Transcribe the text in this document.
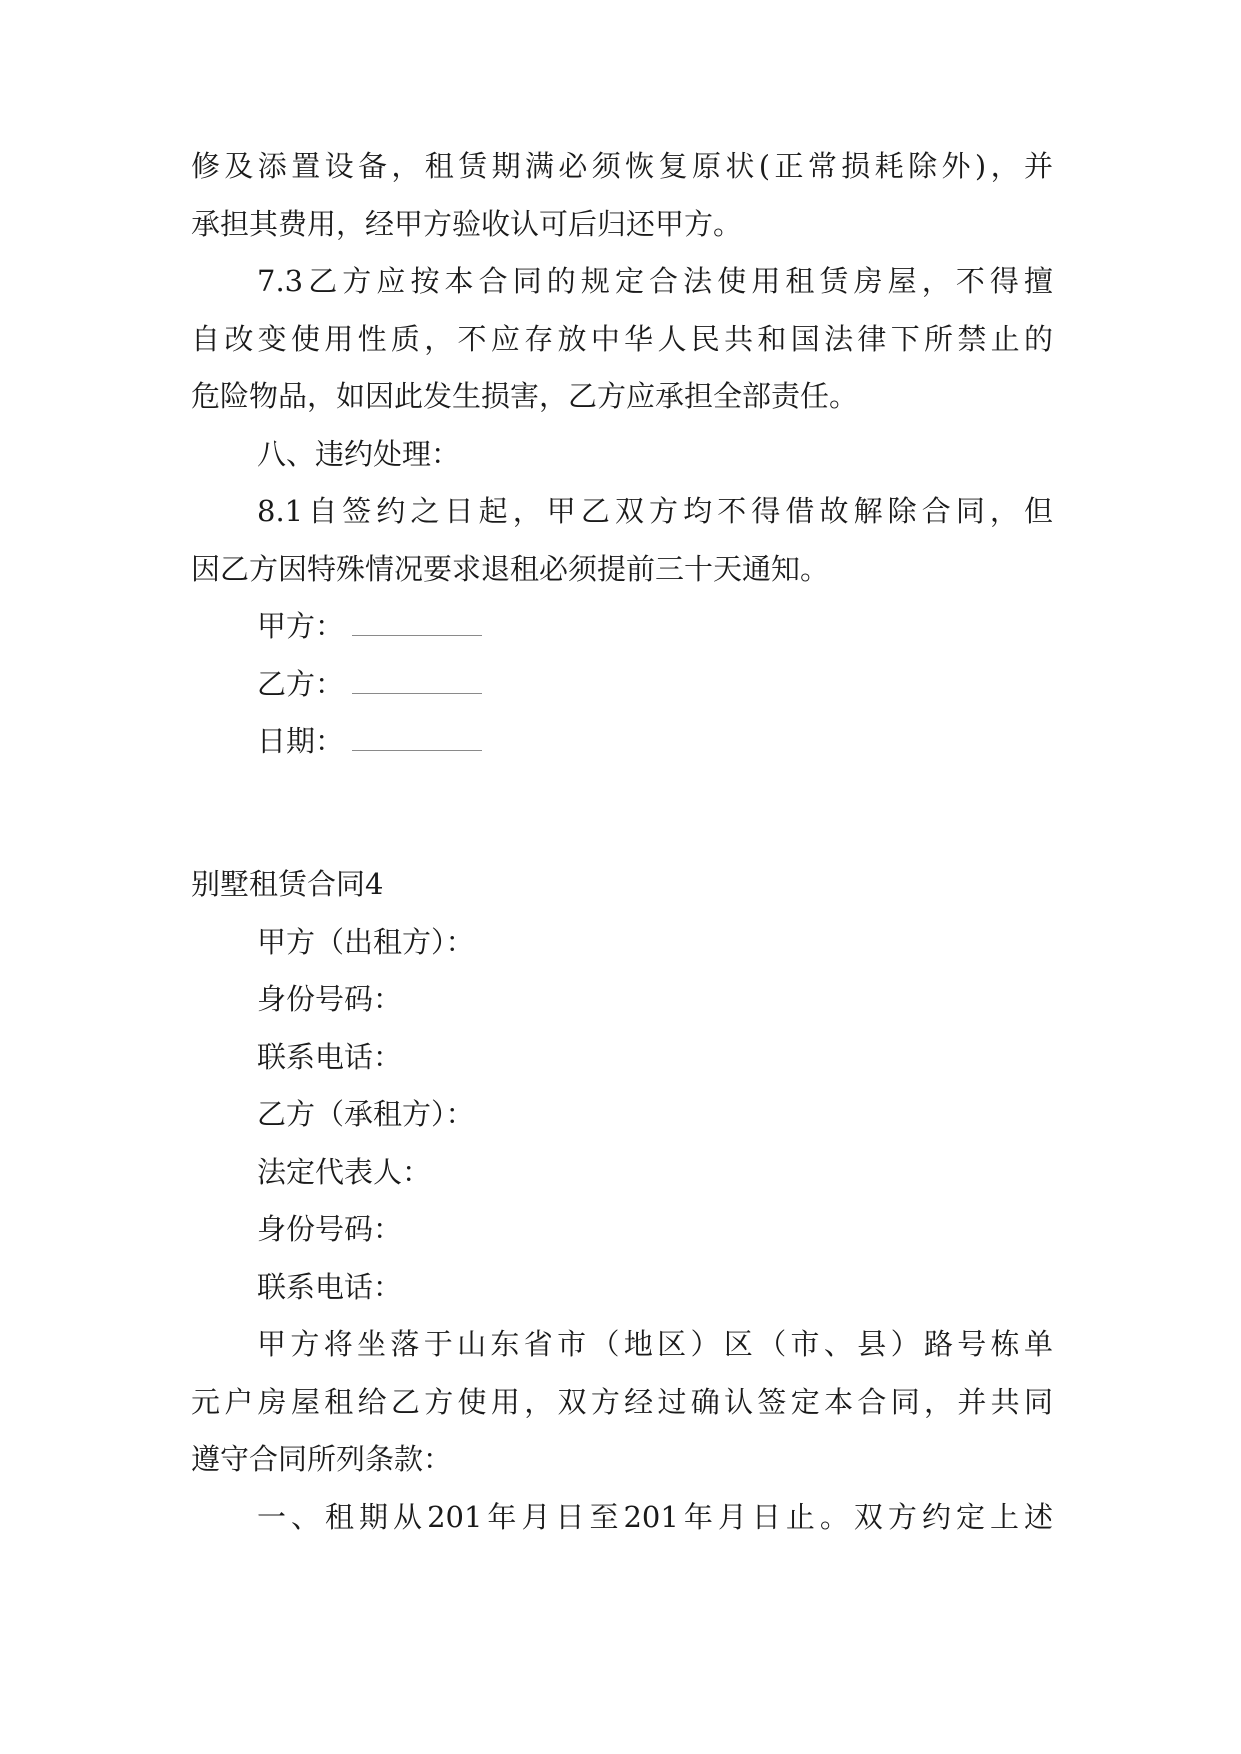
修及添置设备，租赁期满必须恢复原状(正常损耗除外)，并
承担其费用，经甲方验收认可后归还甲方。
7.3乙方应按本合同的规定合法使用租赁房屋，不得擅
自改变使用性质，不应存放中华人民共和国法律下所禁止的
危险物品，如因此发生损害，乙方应承担全部责任。
八、违约处理：
8.1自签约之日起，甲乙双方均不得借故解除合同，但
因乙方因特殊情况要求退租必须提前三十天通知。
甲方：
乙方：
日期：
别墅租赁合同4
甲方（出租方）：
身份号码：
联系电话：
乙方（承租方）：
法定代表人：
身份号码：
联系电话：
甲方将坐落于山东省市（地区）区（市、县）路号栋单
元户房屋租给乙方使用，双方经过确认签定本合同，并共同
遵守合同所列条款：
一、租期从201年月日至201年月日止。双方约定上述
